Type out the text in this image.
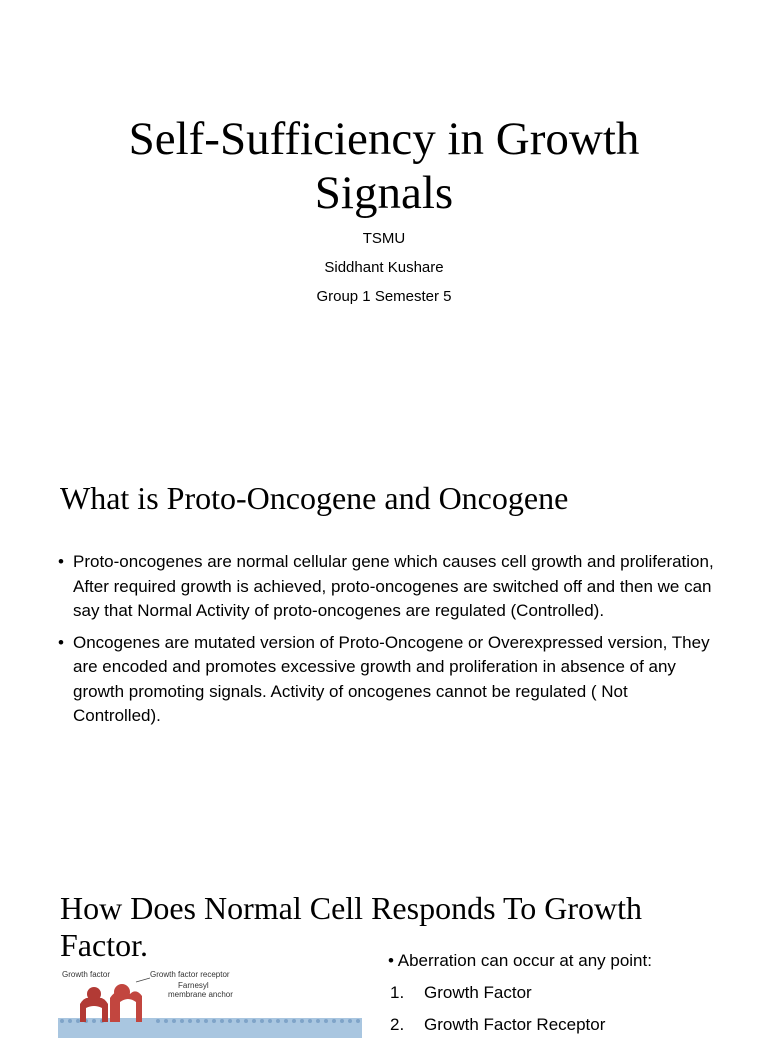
Self-Sufficiency in Growth Signals
TSMU
Siddhant Kushare
Group 1 Semester 5
What is Proto-Oncogene and Oncogene
• Proto-oncogenes are normal cellular gene which causes cell growth and proliferation, After required growth is achieved, proto-oncogenes are switched off and then we can say that Normal Activity of proto-oncogenes are regulated (Controlled).
• Oncogenes are mutated version of Proto-Oncogene or Overexpressed version, They are encoded and promotes excessive growth and proliferation in absence of any growth promoting signals. Activity of oncogenes cannot be regulated ( Not Controlled).
How Does Normal Cell Responds To Growth Factor.
Growth factor	Growth factor receptor
Farnesyl
membrane anchor
• Aberration can occur at any point:
1. Growth Factor
2. Growth Factor Receptor
